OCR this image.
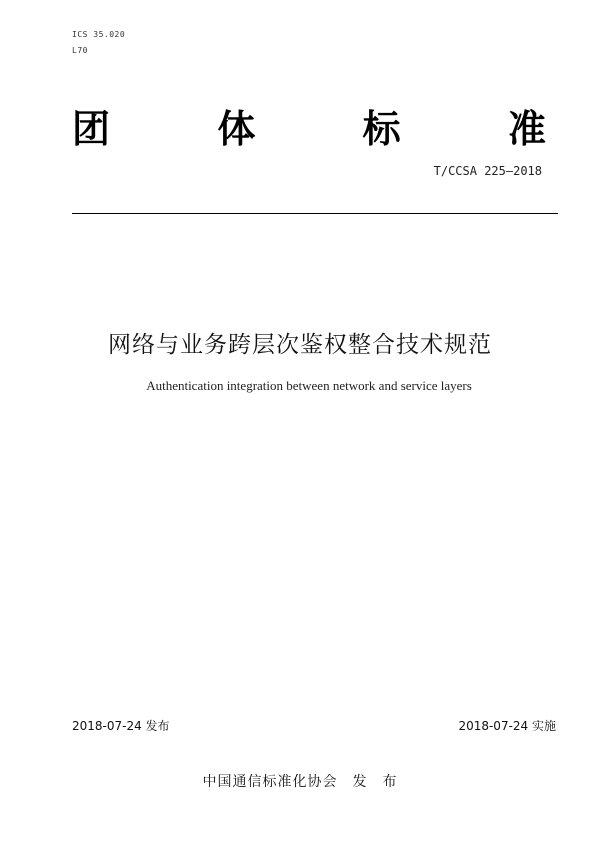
ICS 35.020
L70
团	体	标	准
T/CCSA 225—2018
网络与业务跨层次鉴权整合技术规范
Authentication integration between network and service layers
2018-07-24 发布	2018-07-24 实施
中国通信标准化协会　发　布
